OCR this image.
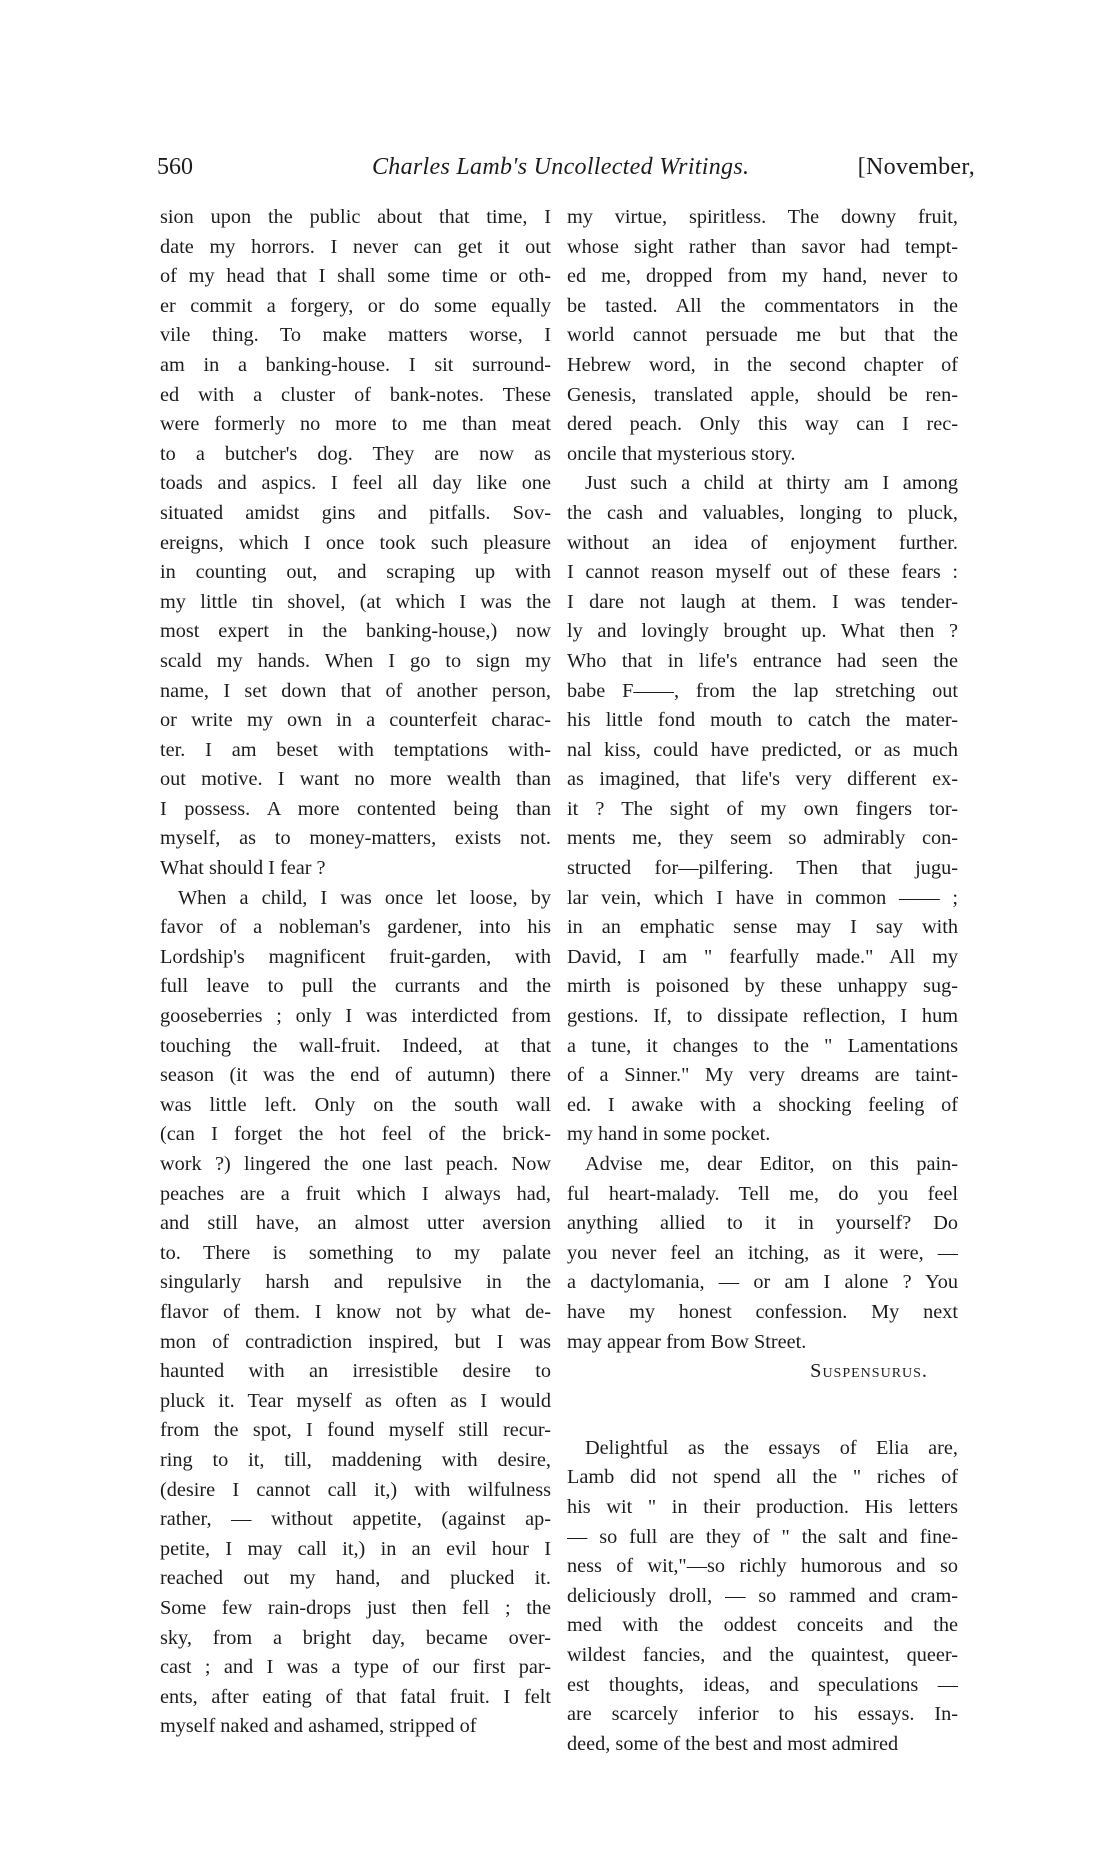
560	Charles Lamb's Uncollected Writings.	[November,
sion upon the public about that time, I
date my horrors. I never can get it out
of my head that I shall some time or oth-
er commit a forgery, or do some equally
vile thing. To make matters worse, I
am in a banking-house. I sit surround-
ed with a cluster of bank-notes. These
were formerly no more to me than meat
to a butcher's dog. They are now as
toads and aspics. I feel all day like one
situated amidst gins and pitfalls. Sov-
ereigns, which I once took such pleasure
in counting out, and scraping up with
my little tin shovel, (at which I was the
most expert in the banking-house,) now
scald my hands. When I go to sign my
name, I set down that of another person,
or write my own in a counterfeit charac-
ter. I am beset with temptations with-
out motive. I want no more wealth than
I possess. A more contented being than
myself, as to money-matters, exists not.
What should I fear ?
When a child, I was once let loose, by
favor of a nobleman's gardener, into his
Lordship's magnificent fruit-garden, with
full leave to pull the currants and the
gooseberries ; only I was interdicted from
touching the wall-fruit. Indeed, at that
season (it was the end of autumn) there
was little left. Only on the south wall
(can I forget the hot feel of the brick-
work ?) lingered the one last peach. Now
peaches are a fruit which I always had,
and still have, an almost utter aversion
to. There is something to my palate
singularly harsh and repulsive in the
flavor of them. I know not by what de-
mon of contradiction inspired, but I was
haunted with an irresistible desire to
pluck it. Tear myself as often as I would
from the spot, I found myself still recur-
ring to it, till, maddening with desire,
(desire I cannot call it,) with wilfulness
rather, — without appetite, (against ap-
petite, I may call it,) in an evil hour I
reached out my hand, and plucked it.
Some few rain-drops just then fell ; the
sky, from a bright day, became over-
cast ; and I was a type of our first par-
ents, after eating of that fatal fruit. I felt
myself naked and ashamed, stripped of
my virtue, spiritless. The downy fruit,
whose sight rather than savor had tempt-
ed me, dropped from my hand, never to
be tasted. All the commentators in the
world cannot persuade me but that the
Hebrew word, in the second chapter of
Genesis, translated apple, should be ren-
dered peach. Only this way can I rec-
oncile that mysterious story.
Just such a child at thirty am I among
the cash and valuables, longing to pluck,
without an idea of enjoyment further.
I cannot reason myself out of these fears :
I dare not laugh at them. I was tender-
ly and lovingly brought up. What then ?
Who that in life's entrance had seen the
babe F——, from the lap stretching out
his little fond mouth to catch the mater-
nal kiss, could have predicted, or as much
as imagined, that life's very different ex-
it ? The sight of my own fingers tor-
ments me, they seem so admirably con-
structed for—pilfering. Then that jugu-
lar vein, which I have in common —— ;
in an emphatic sense may I say with
David, I am " fearfully made." All my
mirth is poisoned by these unhappy sug-
gestions. If, to dissipate reflection, I hum
a tune, it changes to the " Lamentations
of a Sinner." My very dreams are taint-
ed. I awake with a shocking feeling of
my hand in some pocket.
Advise me, dear Editor, on this pain-
ful heart-malady. Tell me, do you feel
anything allied to it in yourself? Do
you never feel an itching, as it were, —
a dactylomania, — or am I alone ? You
have my honest confession. My next
may appear from Bow Street.
Suspensurus.
Delightful as the essays of Elia are,
Lamb did not spend all the " riches of
his wit " in their production. His letters
— so full are they of " the salt and fine-
ness of wit,"—so richly humorous and so
deliciously droll, — so rammed and cram-
med with the oddest conceits and the
wildest fancies, and the quaintest, queer-
est thoughts, ideas, and speculations —
are scarcely inferior to his essays. In-
deed, some of the best and most admired
